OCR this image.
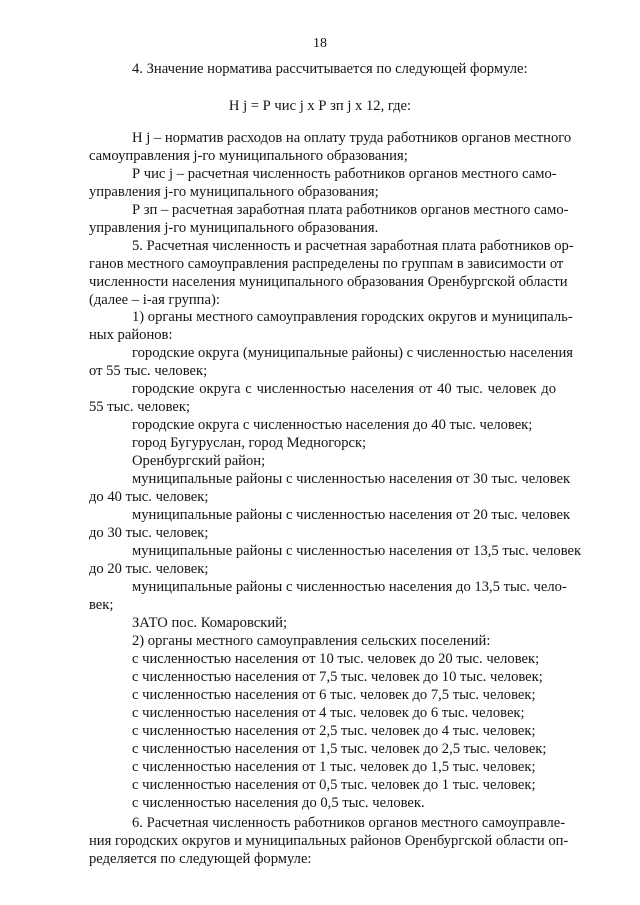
18
4. Значение норматива рассчитывается по следующей формуле:
Н j = Р чис j х Р зп j х 12, где:
Н j – норматив расходов на оплату труда работников органов местного
самоуправления j-го муниципального образования;
Р чис j – расчетная численность работников органов местного само-
управления j-го муниципального образования;
Р зп – расчетная заработная плата работников органов местного само-
управления j-го муниципального образования.
5. Расчетная численность и расчетная заработная плата работников ор-
ганов местного самоуправления распределены по группам в зависимости от
численности населения муниципального образования Оренбургской области
(далее – i-ая группа):
1) органы местного самоуправления городских округов и муниципаль-
ных районов:
городские округа (муниципальные районы) с численностью населения
от 55 тыс. человек;
городские округа с численностью населения от 40 тыс. человек до
55 тыс. человек;
городские округа с численностью населения до 40 тыс. человек;
город Бугуруслан, город Медногорск;
Оренбургский район;
муниципальные районы с численностью населения от 30 тыс. человек
до 40 тыс. человек;
муниципальные районы с численностью населения от 20 тыс. человек
до 30 тыс. человек;
муниципальные районы с численностью населения от 13,5 тыс. человек
до 20 тыс. человек;
муниципальные районы с численностью населения до 13,5 тыс. чело-
век;
ЗАТО пос. Комаровский;
2) органы местного самоуправления сельских поселений:
с численностью населения от 10 тыс. человек до 20 тыс. человек;
с численностью населения от 7,5 тыс. человек до 10 тыс. человек;
с численностью населения от 6 тыс. человек до 7,5 тыс. человек;
с численностью населения от 4 тыс. человек до 6 тыс. человек;
с численностью населения от 2,5 тыс. человек до 4 тыс. человек;
с численностью населения от 1,5 тыс. человек до 2,5 тыс. человек;
с численностью населения от 1 тыс. человек до 1,5 тыс. человек;
с численностью населения от 0,5 тыс. человек до 1 тыс. человек;
с численностью населения до 0,5 тыс. человек.
6. Расчетная численность работников органов местного самоуправле-
ния городских округов и муниципальных районов Оренбургской области оп-
ределяется по следующей формуле:
